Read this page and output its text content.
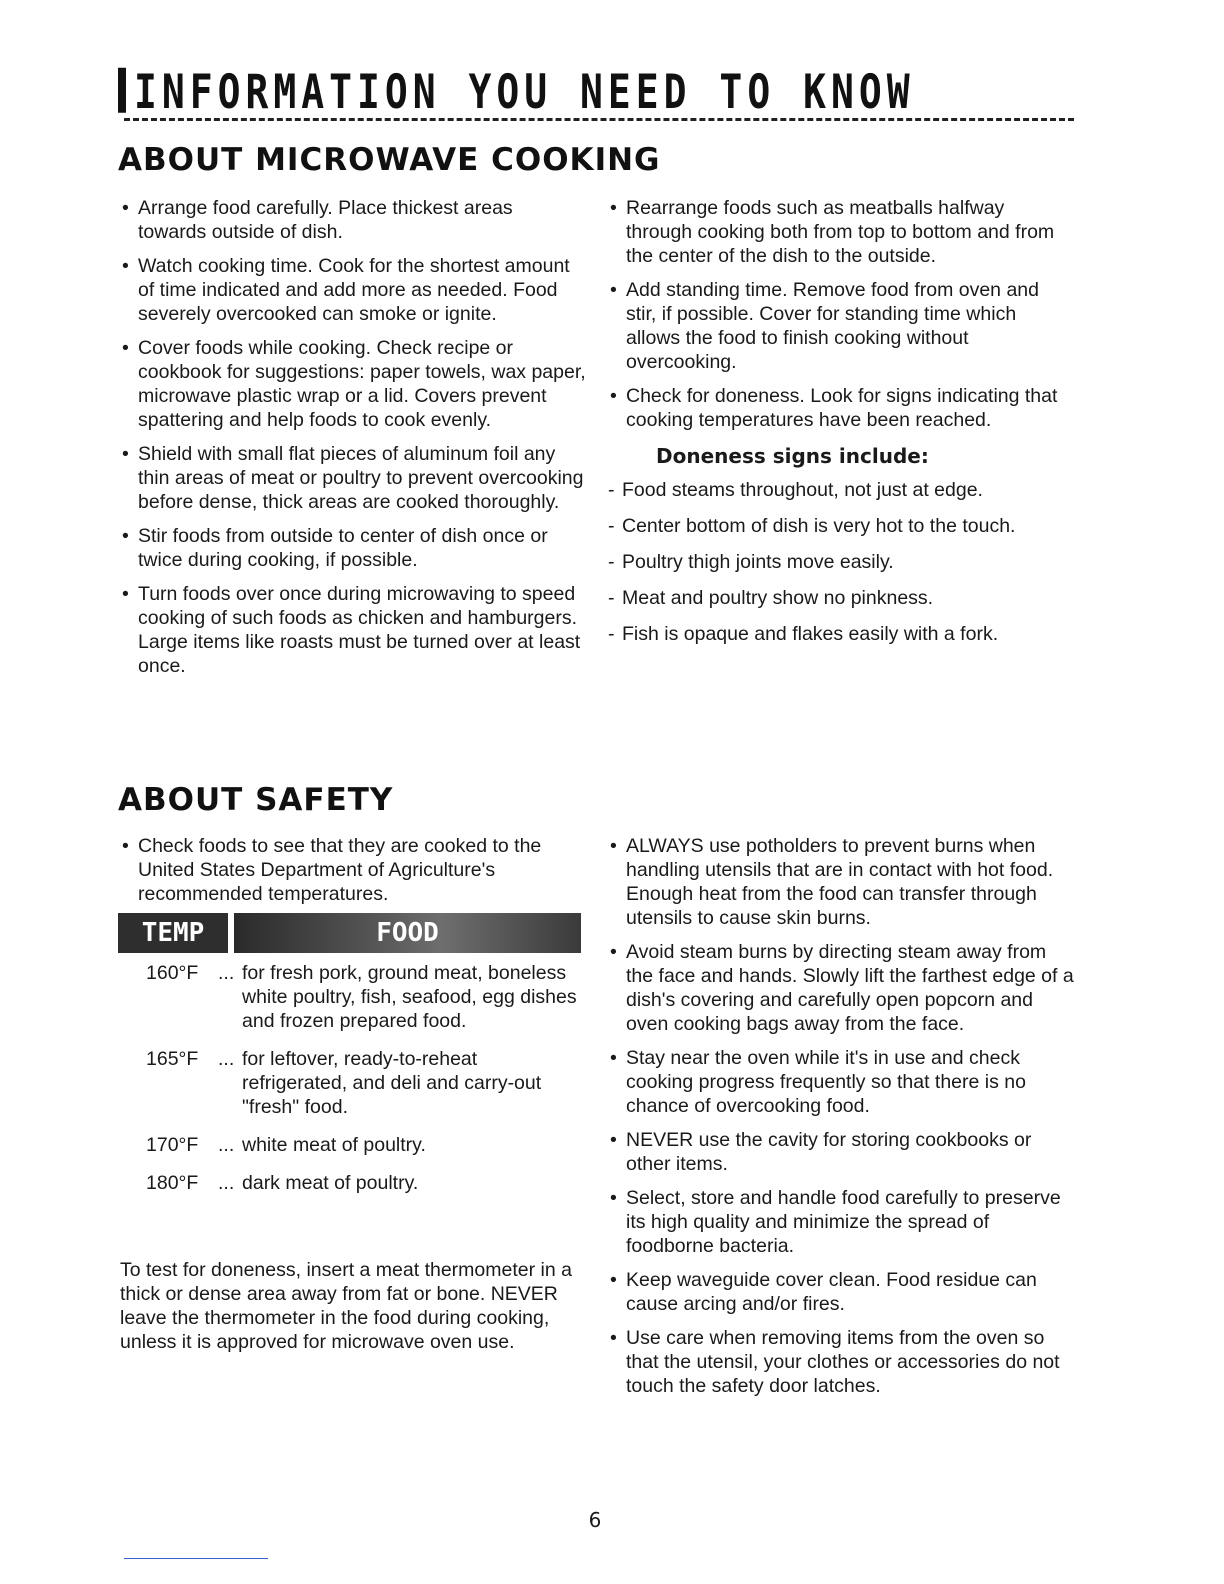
INFORMATION YOU NEED TO KNOW
ABOUT MICROWAVE COOKING
• Arrange food carefully. Place thickest areas towards outside of dish.
• Watch cooking time. Cook for the shortest amount of time indicated and add more as needed. Food severely overcooked can smoke or ignite.
• Cover foods while cooking. Check recipe or cookbook for suggestions: paper towels, wax paper, microwave plastic wrap or a lid. Covers prevent spattering and help foods to cook evenly.
• Shield with small flat pieces of aluminum foil any thin areas of meat or poultry to prevent overcooking before dense, thick areas are cooked thoroughly.
• Stir foods from outside to center of dish once or twice during cooking, if possible.
• Turn foods over once during microwaving to speed cooking of such foods as chicken and hamburgers. Large items like roasts must be turned over at least once.
• Rearrange foods such as meatballs halfway through cooking both from top to bottom and from the center of the dish to the outside.
• Add standing time. Remove food from oven and stir, if possible. Cover for standing time which allows the food to finish cooking without overcooking.
• Check for doneness. Look for signs indicating that cooking temperatures have been reached.
Doneness signs include:
- Food steams throughout, not just at edge.
- Center bottom of dish is very hot to the touch.
- Poultry thigh joints move easily.
- Meat and poultry show no pinkness.
- Fish is opaque and flakes easily with a fork.
ABOUT SAFETY
• Check foods to see that they are cooked to the United States Department of Agriculture's recommended temperatures.
TEMP	FOOD
160°F	... for fresh pork, ground meat, boneless white poultry, fish, seafood, egg dishes and frozen prepared food.
165°F	... for leftover, ready-to-reheat refrigerated, and deli and carry-out "fresh" food.
170°F	... white meat of poultry.
180°F	... dark meat of poultry.
To test for doneness, insert a meat thermometer in a thick or dense area away from fat or bone. NEVER leave the thermometer in the food during cooking, unless it is approved for microwave oven use.
• ALWAYS use potholders to prevent burns when handling utensils that are in contact with hot food. Enough heat from the food can transfer through utensils to cause skin burns.
• Avoid steam burns by directing steam away from the face and hands. Slowly lift the farthest edge of a dish's covering and carefully open popcorn and oven cooking bags away from the face.
• Stay near the oven while it's in use and check cooking progress frequently so that there is no chance of overcooking food.
• NEVER use the cavity for storing cookbooks or other items.
• Select, store and handle food carefully to preserve its high quality and minimize the spread of foodborne bacteria.
• Keep waveguide cover clean. Food residue can cause arcing and/or fires.
• Use care when removing items from the oven so that the utensil, your clothes or accessories do not touch the safety door latches.
6
